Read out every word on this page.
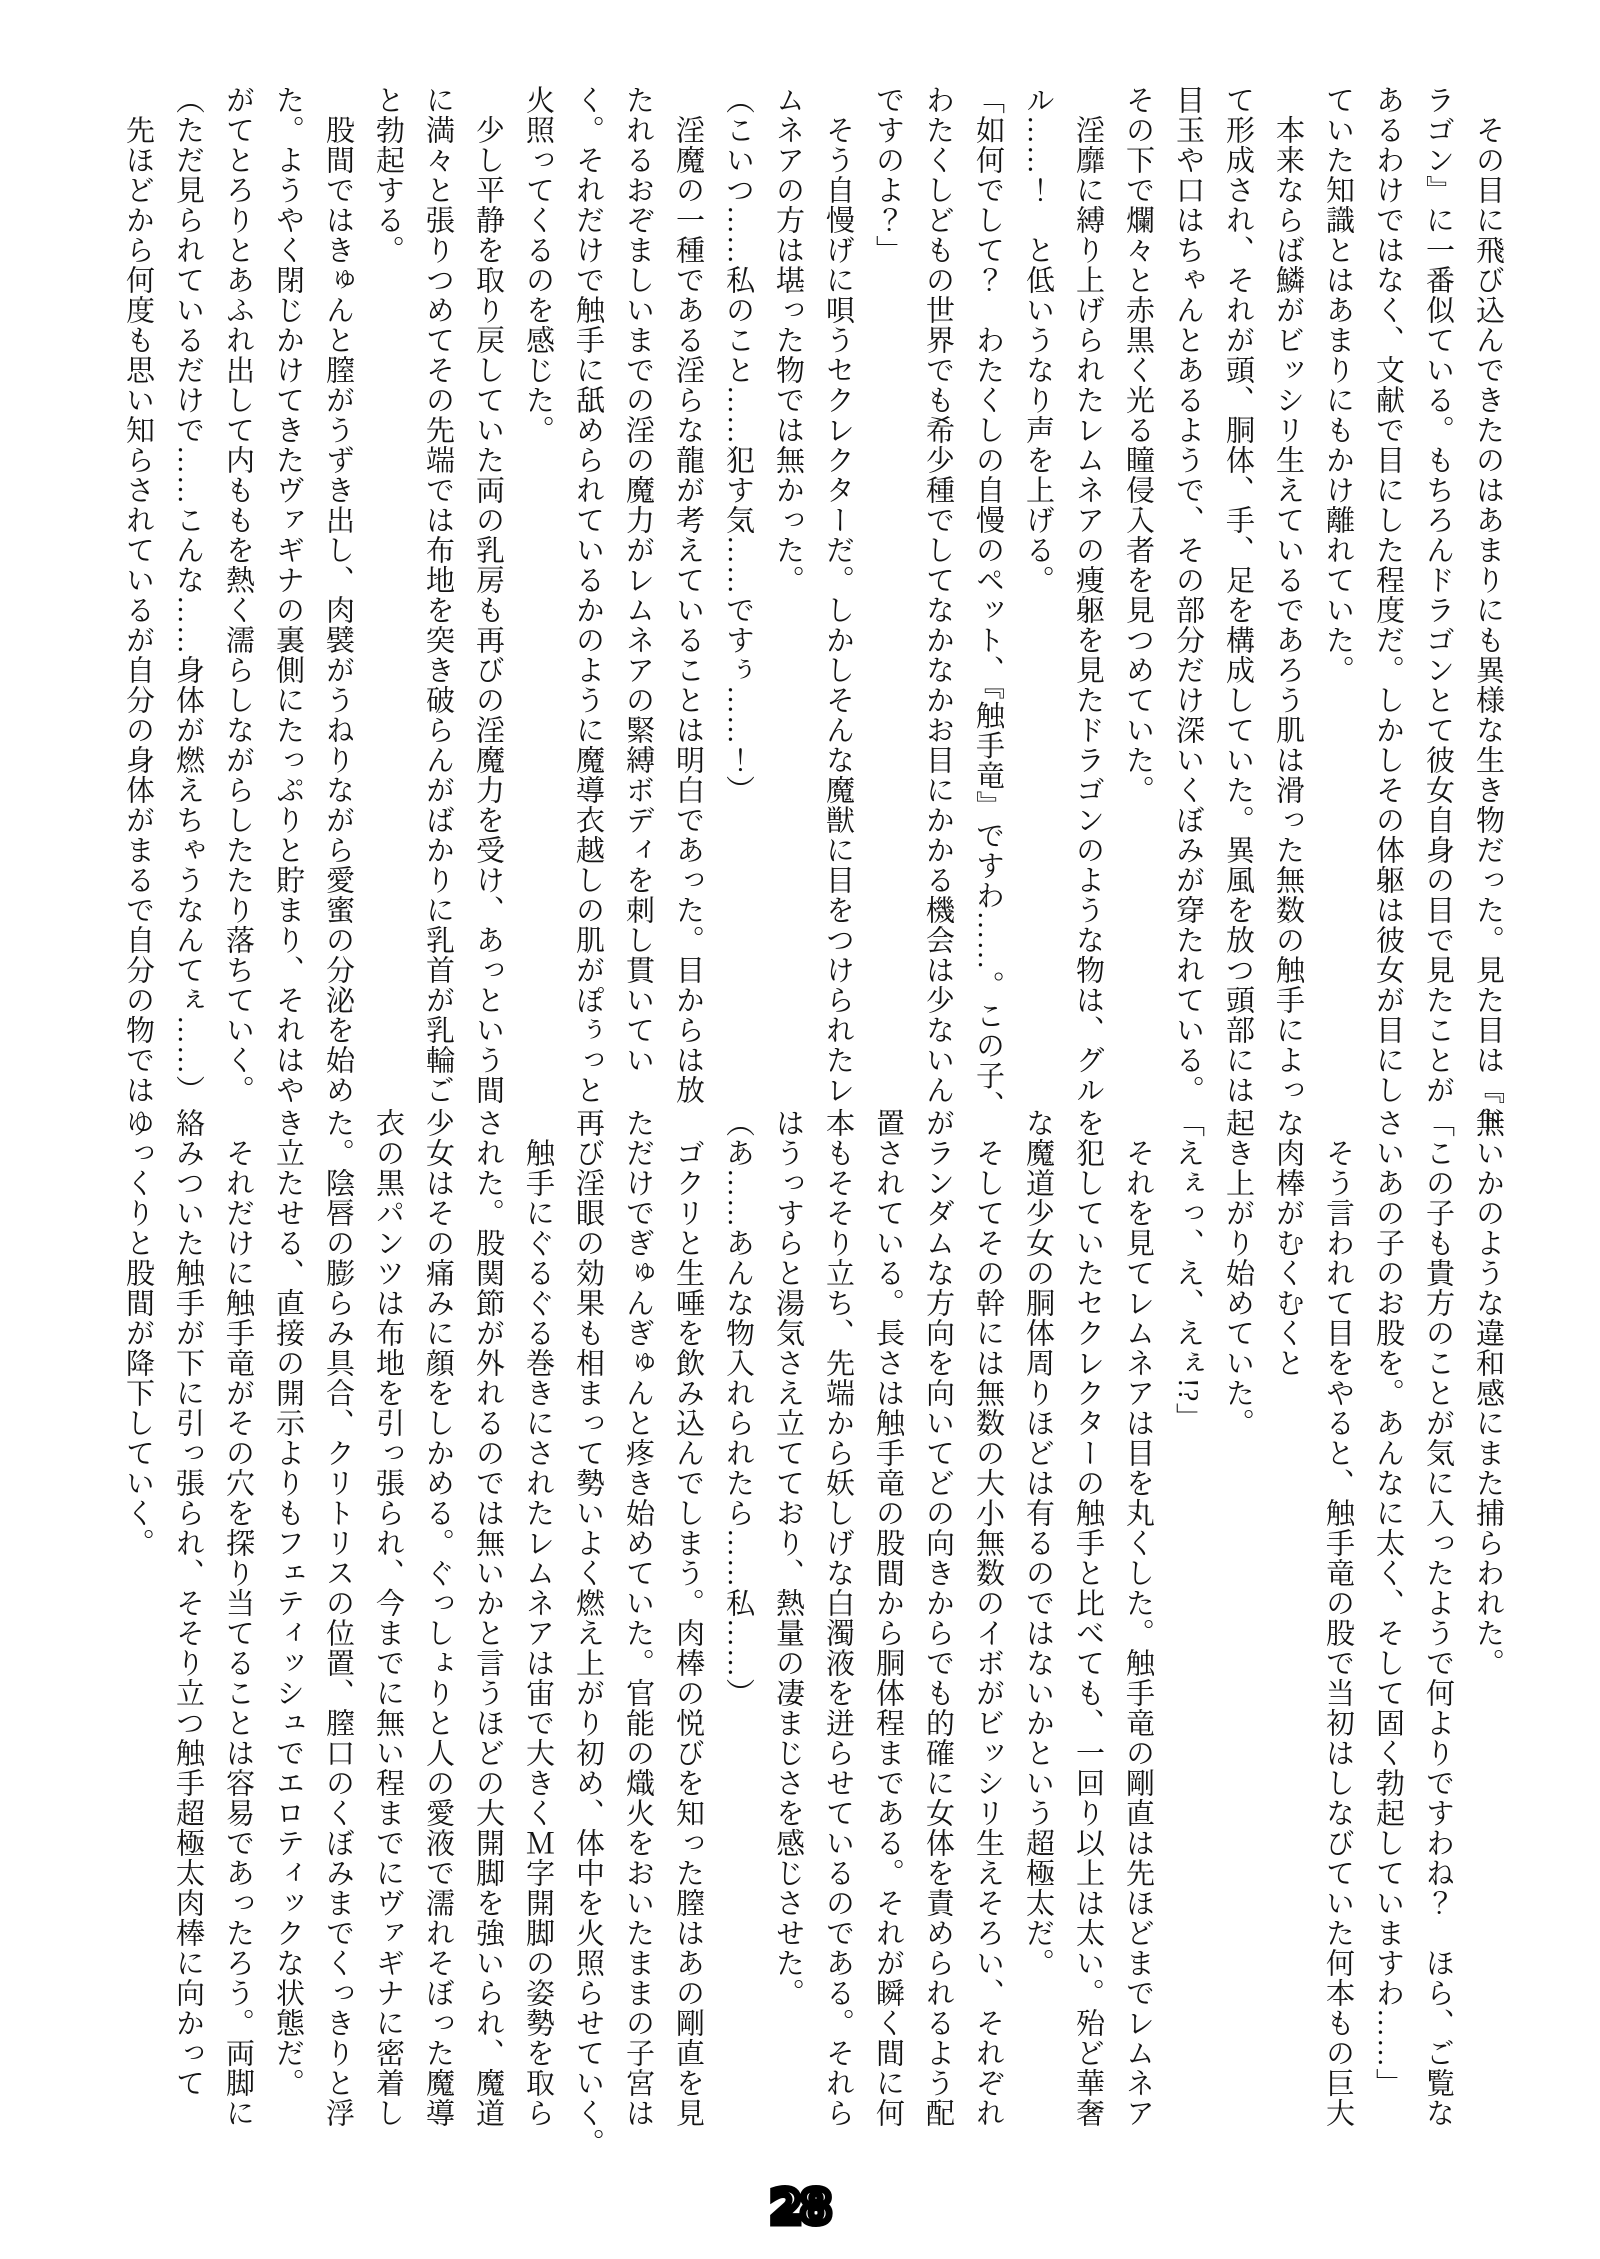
　その目に飛び込んできたのはあまりにも異様な生き物だった。見た目は『ド
ラゴン』に一番似ている。もちろんドラゴンとて彼女自身の目で見たことが
あるわけではなく、文献で目にした程度だ。しかしその体躯は彼女が目にし
ていた知識とはあまりにもかけ離れていた。
　本来ならば鱗がビッシリ生えているであろう肌は滑った無数の触手によっ
て形成され、それが頭、胴体、手、足を構成していた。異風を放つ頭部には
目玉や口はちゃんとあるようで、その部分だけ深いくぼみが穿たれている。
その下で爛々と赤黒く光る瞳侵入者を見つめていた。
　淫靡に縛り上げられたレムネアの痩躯を見たドラゴンのような物は、グル
ル……！　と低いうなり声を上げる。
「如何でして？　わたくしの自慢のペット、『触手竜』ですわ……。この子、
わたくしどもの世界でも希少種でしてなかなかお目にかかる機会は少ないん
ですのよ？」
　そう自慢げに唄うセクレクターだ。しかしそんな魔獣に目をつけられたレ
ムネアの方は堪った物では無かった。
（こいつ……私のこと……犯す気……ですぅ……！）
　淫魔の一種である淫らな龍が考えていることは明白であった。目からは放
たれるおぞましいまでの淫の魔力がレムネアの緊縛ボディを刺し貫いてい
く。それだけで触手に舐められているかのように魔導衣越しの肌がぽぅっと
火照ってくるのを感じた。
　少し平静を取り戻していた両の乳房も再びの淫魔力を受け、あっという間
に満々と張りつめてその先端では布地を突き破らんがばかりに乳首が乳輪ご
と勃起する。
　股間ではきゅんと膣がうずき出し、肉襞がうねりながら愛蜜の分泌を始め
た。ようやく閉じかけてきたヴァギナの裏側にたっぷりと貯まり、それはや
がてとろりとあふれ出して内ももを熱く濡らしながらしたたり落ちていく。
（ただ見られているだけで……こんな……身体が燃えちゃうなんてぇ……）
　先ほどから何度も思い知らされているが自分の身体がまるで自分の物では
無いかのような違和感にまた捕らわれた。
「この子も貴方のことが気に入ったようで何よりですわね？　ほら、ご覧な
さいあの子のお股を。あんなに太く、そして固く勃起していますわ……」
　そう言われて目をやると、触手竜の股で当初はしなびていた何本もの巨大
な肉棒がむくむくと
起き上がり始めていた。
「えぇっ、え、えぇ!?」
　それを見てレムネアは目を丸くした。触手竜の剛直は先ほどまでレムネア
を犯していたセクレクターの触手と比べても、一回り以上は太い。殆ど華奢
な魔道少女の胴体周りほどは有るのではないかという超極太だ。
　そしてその幹には無数の大小無数のイボがビッシリ生えそろい、それぞれ
がランダムな方向を向いてどの向きからでも的確に女体を責められるよう配
置されている。長さは触手竜の股間から胴体程まである。それが瞬く間に何
本もそそり立ち、先端から妖しげな白濁液を迸らせているのである。それら
はうっすらと湯気さえ立てており、熱量の凄まじさを感じさせた。
（あ……あんな物入れられたら……私……）
　ゴクリと生唾を飲み込んでしまう。肉棒の悦びを知った膣はあの剛直を見
ただけでぎゅんぎゅんと疼き始めていた。官能の熾火をおいたままの子宮は
再び淫眼の効果も相まって勢いよく燃え上がり初め、体中を火照らせていく。
　触手にぐるぐる巻きにされたレムネアは宙で大きくＭ字開脚の姿勢を取ら
された。股関節が外れるのでは無いかと言うほどの大開脚を強いられ、魔道
少女はその痛みに顔をしかめる。ぐっしょりと人の愛液で濡れそぼった魔導
衣の黒パンツは布地を引っ張られ、今までに無い程までにヴァギナに密着し
た。陰唇の膨らみ具合、クリトリスの位置、膣口のくぼみまでくっきりと浮
き立たせる、直接の開示よりもフェティッシュでエロティックな状態だ。
　それだけに触手竜がその穴を探り当てることは容易であったろう。両脚に
絡みついた触手が下に引っ張られ、そそり立つ触手超極太肉棒に向かって
ゆっくりと股間が降下していく。
28
